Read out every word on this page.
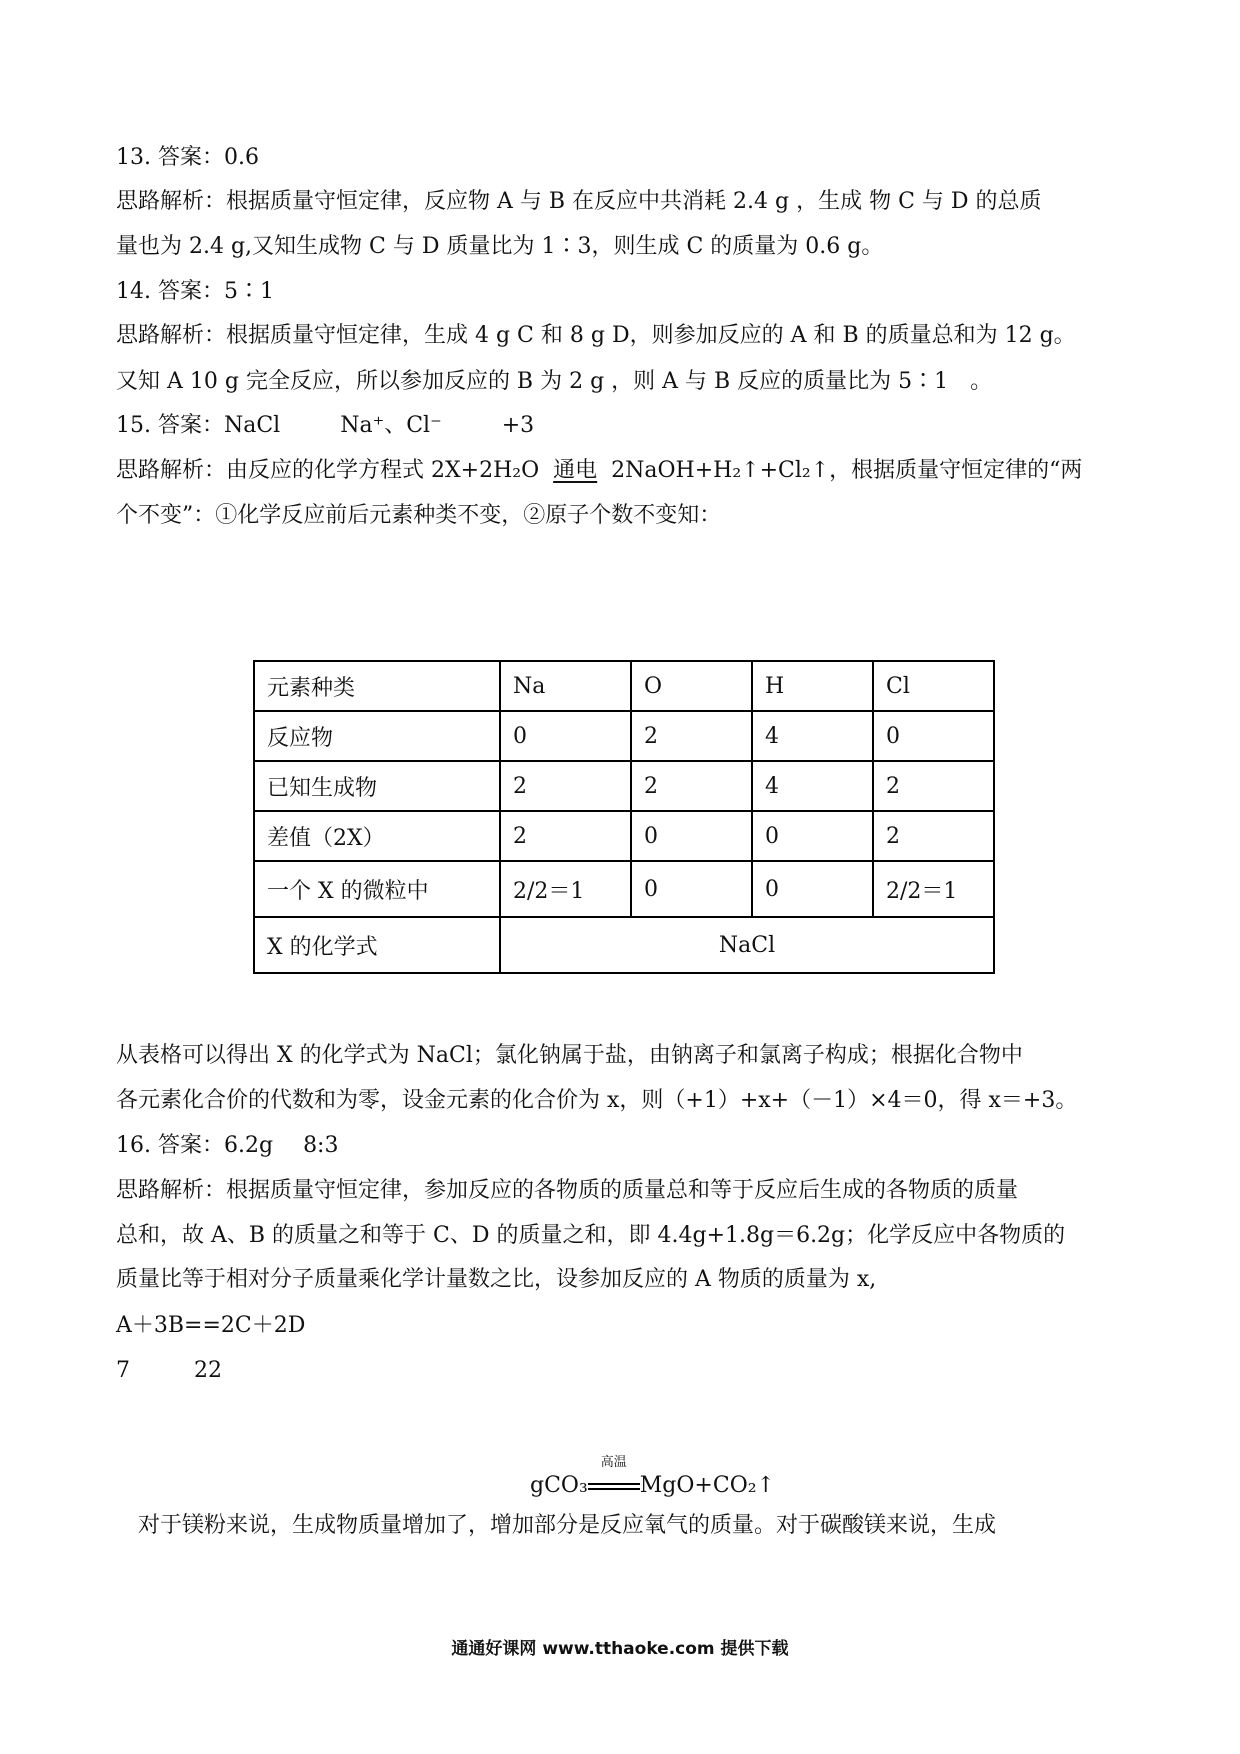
13. 答案：0.6
思路解析：根据质量守恒定律，反应物 A 与 B 在反应中共消耗 2.4 g ，生成 物 C 与 D 的总质
量也为 2.4 g,又知生成物 C 与 D 质量比为 1∶3，则生成 C 的质量为 0.6 g。
14. 答案：5∶1
思路解析：根据质量守恒定律，生成 4 g C 和 8 g D，则参加反应的 A 和 B 的质量总和为 12 g。
又知 A 10 g 完全反应，所以参加反应的 B 为 2 g ，则 A 与 B 反应的质量比为 5∶1　。
15. 答案：NaCl	Na⁺、Cl⁻	+3
思路解析：由反应的化学方程式 2X+2H₂O 通电 2NaOH+H₂↑+Cl₂↑，根据质量守恒定律的“两
个不变”：①化学反应前后元素种类不变，②原子个数不变知：
元素种类	Na	O	H	Cl
反应物	0	2	4	0
已知生成物	2	2	4	2
差值（2X）	2	0	0	2
一个 X 的微粒中	2/2＝1	0	0	2/2＝1
X 的化学式	NaCl			
从表格可以得出 X 的化学式为 NaCl；氯化钠属于盐，由钠离子和氯离子构成；根据化合物中
各元素化合价的代数和为零，设金元素的化合价为 x，则（+1）+x+（－1）×4＝0，得 x＝+3。
16. 答案：6.2g 8:3
思路解析：根据质量守恒定律，参加反应的各物质的质量总和等于反应后生成的各物质的质量
总和，故 A、B 的质量之和等于 C、D 的质量之和，即 4.4g+1.8g＝6.2g；化学反应中各物质的
质量比等于相对分子质量乘化学计量数之比，设参加反应的 A 物质的质量为 x,
A＋3B==2C＋2D
7	22
gCO₃
高温
MgO+CO₂↑
　对于镁粉来说，生成物质量增加了，增加部分是反应氧气的质量。对于碳酸镁来说，生成
通通好课网 www.tthaoke.com 提供下载
